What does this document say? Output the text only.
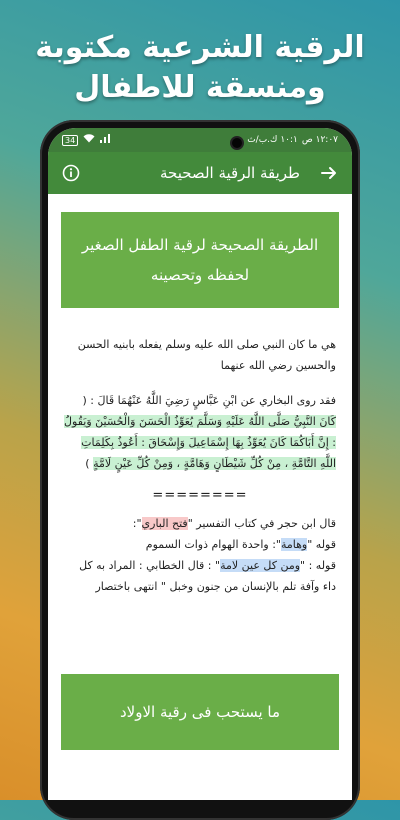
الرقية الشرعية مكتوبة
ومنسقة للاطفال
34	١٢:٠٧ ص
١٠:١ ك.ب/ث
طريقة الرقية الصحيحة
الطريقة الصحيحة لرقية الطفل الصغير
لحفظه وتحصينه
هي ما كان النبي صلى الله عليه وسلم يفعله بابنيه الحسن والحسين رضي الله عنهما
فقد روى البخاري عن ابْنِ عَبَّاسٍ رَضِيَ اللَّهُ عَنْهُمَا قَالَ : ( كَانَ النَّبِيُّ صَلَّى اللَّهُ عَلَيْهِ وَسَلَّمَ يُعَوِّذُ الْحَسَنَ وَالْحُسَيْنَ وَيَقُولُ : إِنَّ أَبَاكُمَا كَانَ يُعَوِّذُ بِهَا إِسْمَاعِيلَ وَإِسْحَاقَ : أَعُوذُ بِكَلِمَاتِ اللَّهِ التَّامَّةِ ، مِنْ كُلِّ شَيْطَانٍ وَهَامَّةٍ ، وَمِنْ كُلِّ عَيْنٍ لَامَّةٍ )
========
قال ابن حجر في كتاب التفسير "فتح الباري":
قوله "وهامة": واحدة الهوام ذوات السموم
قوله : "ومن كل عين لامة" : قال الخطابي : المراد به كل داء وآفة تلم بالإنسان من جنون وخبل " انتهى باختصار
ما يستحب فى رقية الاولاد
